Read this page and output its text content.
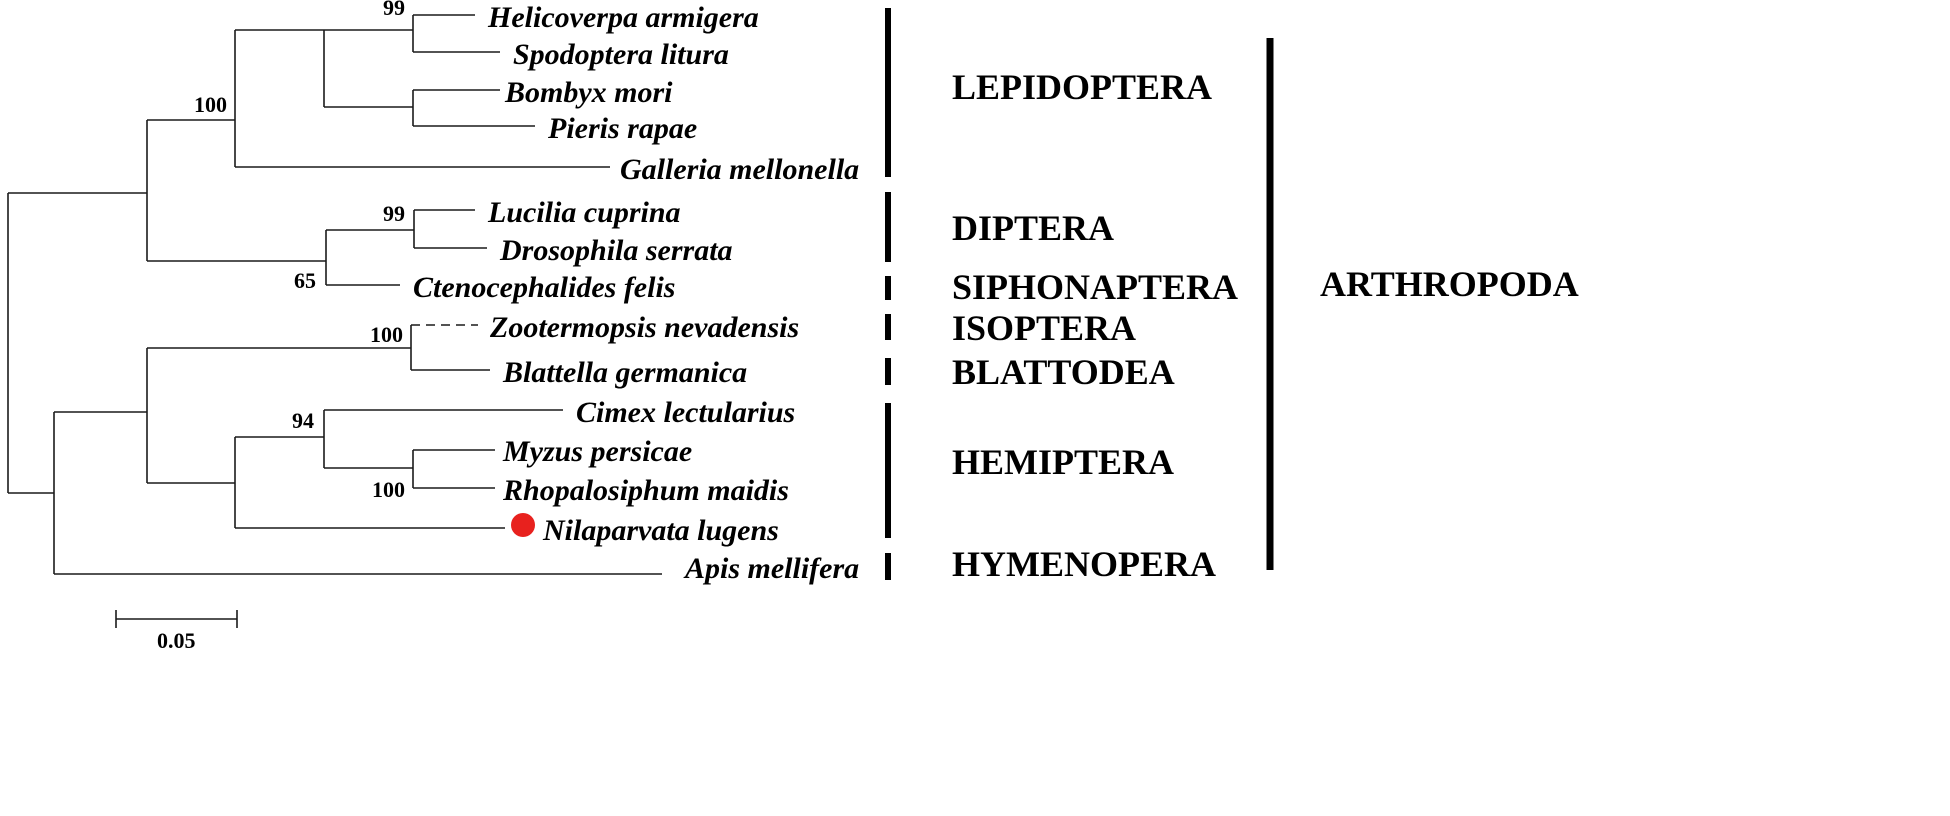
Helicoverpa armigera
Spodoptera litura
Bombyx mori
Pieris rapae
Galleria mellonella
Lucilia cuprina
Drosophila serrata
Ctenocephalides felis
Zootermopsis nevadensis
Blattella germanica
Cimex lectularius
Myzus persicae
Rhopalosiphum maidis
Nilaparvata lugens
Apis mellifera
99
100
99
65
100
94
100
LEPIDOPTERA
DIPTERA
SIPHONAPTERA
ISOPTERA
BLATTODEA
HEMIPTERA
HYMENOPERA
ARTHROPODA
0.05
